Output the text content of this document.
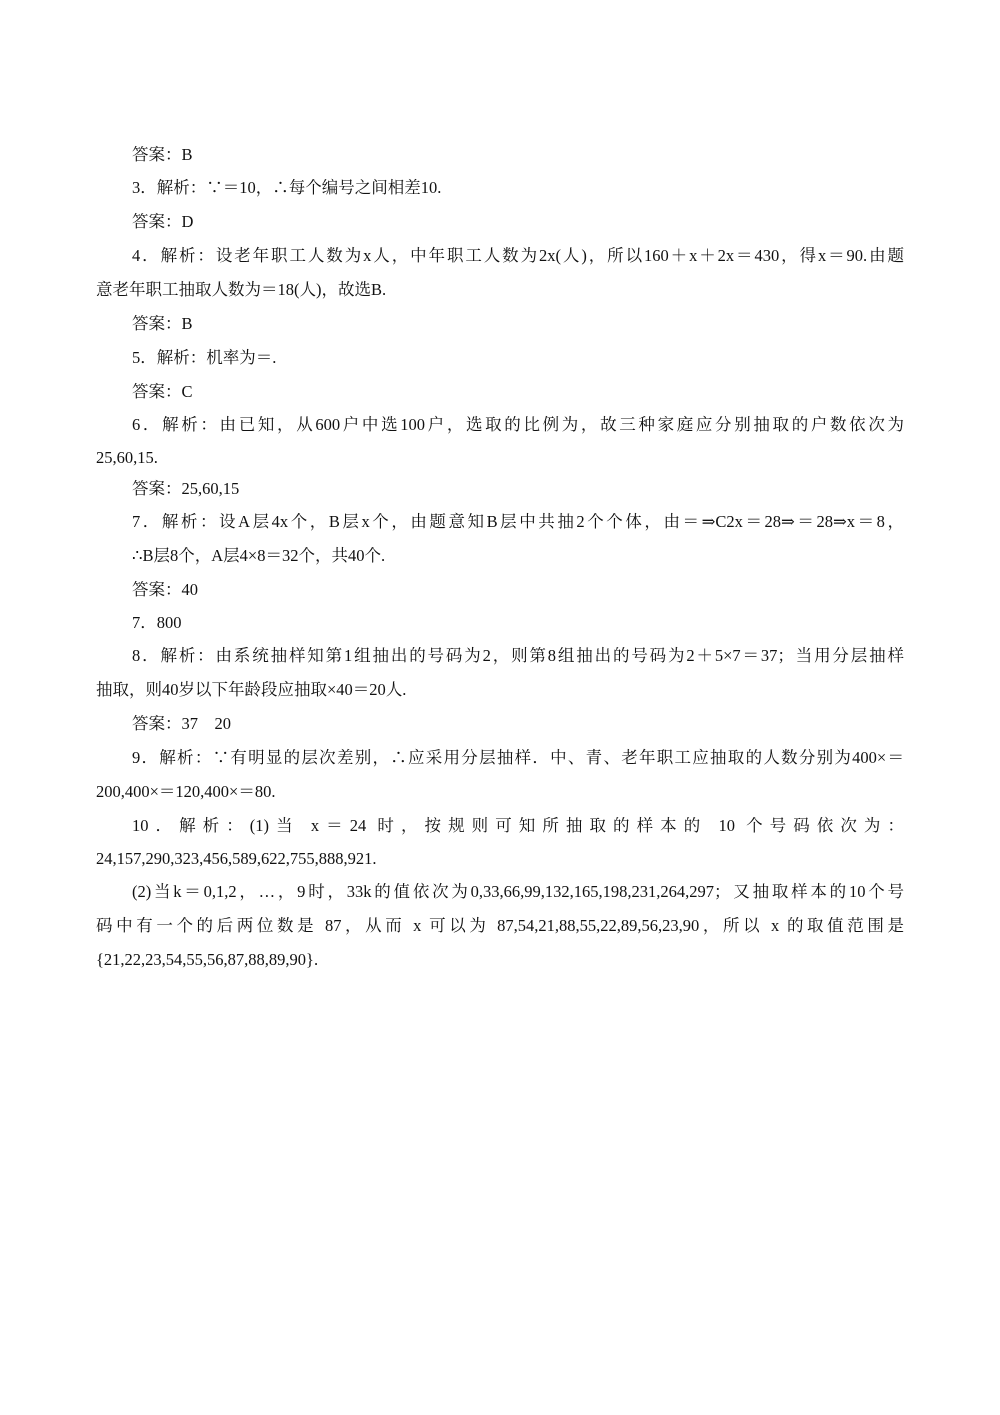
答案：B

3．解析：∵＝10，∴每个编号之间相差10.

答案：D

4．解析：设老年职工人数为x人，中年职工人数为2x(人)，所以160＋x＋2x＝430，得x＝90.由题

意老年职工抽取人数为＝18(人)，故选B.

答案：B

5．解析：机率为＝.

答案：C

6．解析：由已知，从600户中选100户，选取的比例为，故三种家庭应分别抽取的户数依次为

25,60,15.

答案：25,60,15

7．解析：设A层4x个，B层x个，由题意知B层中共抽2个个体，由＝⇒C2x＝28⇒＝28⇒x＝8，

∴B层8个，A层4×8＝32个，共40个.

答案：40

7．800

8．解析：由系统抽样知第1组抽出的号码为2，则第8组抽出的号码为2＋5×7＝37；当用分层抽样

抽取，则40岁以下年龄段应抽取×40＝20人.

答案：37　20

9．解析：∵有明显的层次差别，∴应采用分层抽样．中、青、老年职工应抽取的人数分别为400×＝

200,400×＝120,400×＝80.

10．解析：(1)当 x＝24 时，按规则可知所抽取的样本的 10 个号码依次为：

24,157,290,323,456,589,622,755,888,921.

(2)当k＝0,1,2，…，9时，33k的值依次为0,33,66,99,132,165,198,231,264,297；又抽取样本的10个号

码中有一个的后两位数是 87，从而 x 可以为 87,54,21,88,55,22,89,56,23,90，所以 x 的取值范围是

{21,22,23,54,55,56,87,88,89,90}.
